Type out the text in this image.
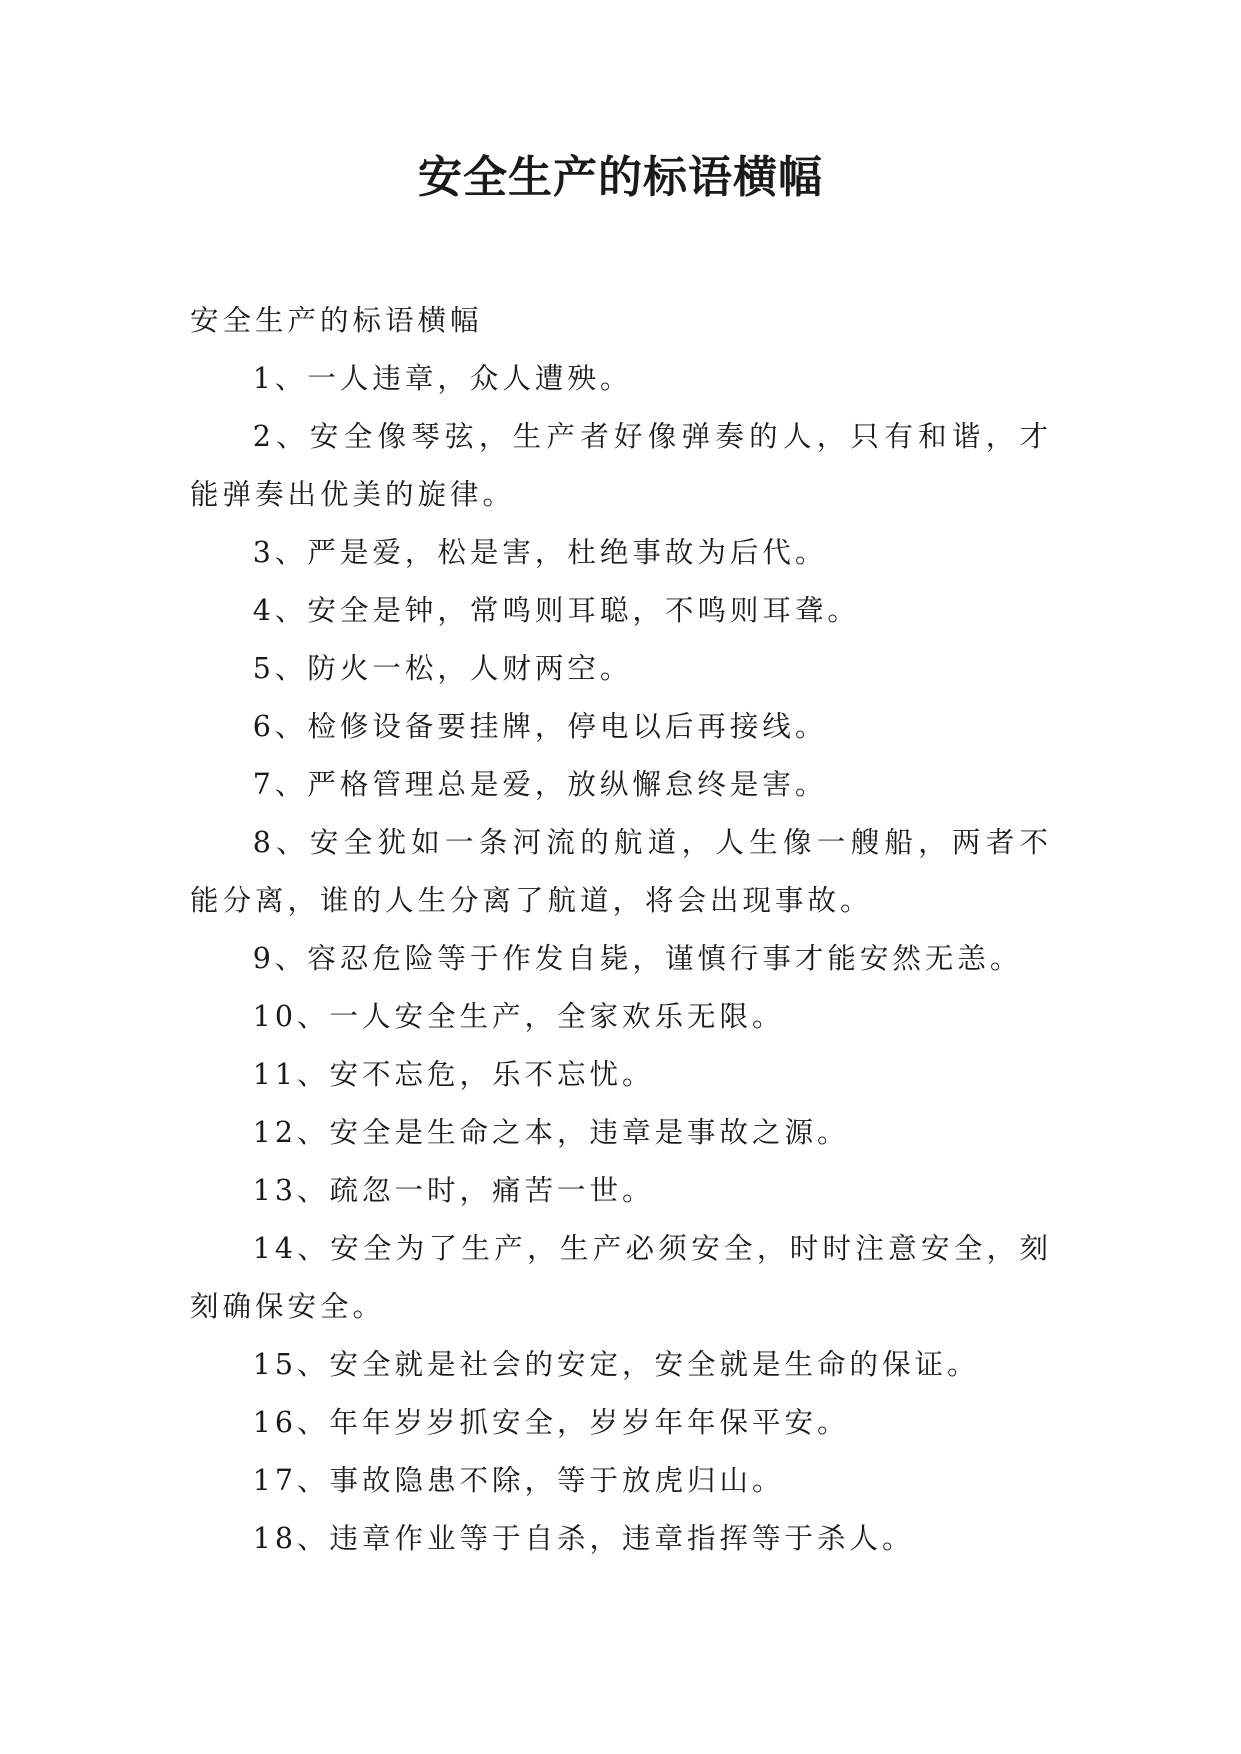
安全生产的标语横幅

安全生产的标语横幅

1、一人违章，众人遭殃。
2、安全像琴弦，生产者好像弹奏的人，只有和谐，才能弹奏出优美的旋律。
3、严是爱，松是害，杜绝事故为后代。
4、安全是钟，常鸣则耳聪，不鸣则耳聋。
5、防火一松，人财两空。
6、检修设备要挂牌，停电以后再接线。
7、严格管理总是爱，放纵懈怠终是害。
8、安全犹如一条河流的航道，人生像一艘船，两者不能分离，谁的人生分离了航道，将会出现事故。
9、容忍危险等于作发自毙，谨慎行事才能安然无恙。
10、一人安全生产，全家欢乐无限。
11、安不忘危，乐不忘忧。
12、安全是生命之本，违章是事故之源。
13、疏忽一时，痛苦一世。
14、安全为了生产，生产必须安全，时时注意安全，刻刻确保安全。
15、安全就是社会的安定，安全就是生命的保证。
16、年年岁岁抓安全，岁岁年年保平安。
17、事故隐患不除，等于放虎归山。
18、违章作业等于自杀，违章指挥等于杀人。
